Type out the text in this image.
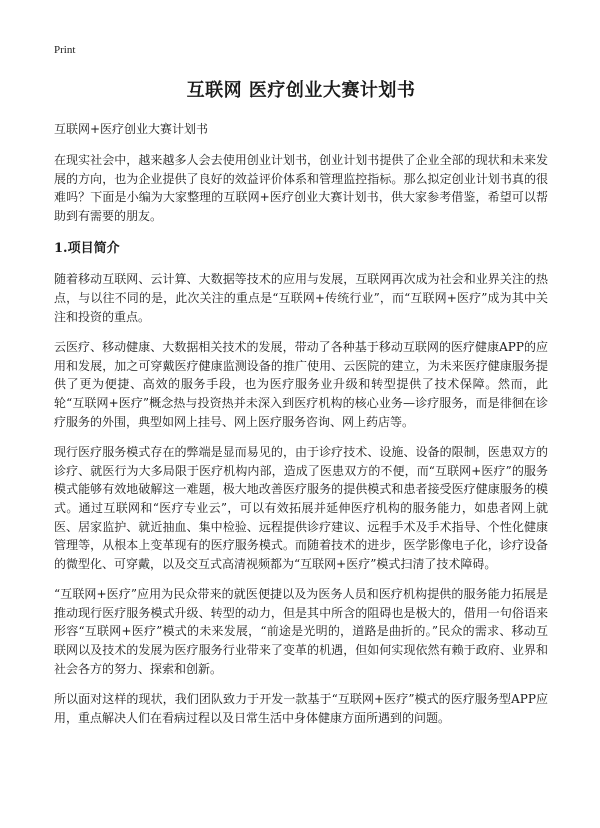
Print
互联网 医疗创业大赛计划书

互联网+医疗创业大赛计划书

在现实社会中，越来越多人会去使用创业计划书，创业计划书提供了企业全部的现状和未来发展的方向，也为企业提供了良好的效益评价体系和管理监控指标。那么拟定创业计划书真的很难吗？下面是小编为大家整理的互联网+医疗创业大赛计划书，供大家参考借鉴，希望可以帮助到有需要的朋友。

1.项目简介

随着移动互联网、云计算、大数据等技术的应用与发展，互联网再次成为社会和业界关注的热点，与以往不同的是，此次关注的重点是“互联网+传统行业”，而“互联网+医疗”成为其中关注和投资的重点。

云医疗、移动健康、大数据相关技术的发展，带动了各种基于移动互联网的医疗健康APP的应用和发展，加之可穿戴医疗健康监测设备的推广使用、云医院的建立，为未来医疗健康服务提供了更为便捷、高效的服务手段，也为医疗服务业升级和转型提供了技术保障。然而，此轮“互联网+医疗”概念热与投资热并未深入到医疗机构的核心业务—诊疗服务，而是徘徊在诊疗服务的外围，典型如网上挂号、网上医疗服务咨询、网上药店等。

现行医疗服务模式存在的弊端是显而易见的，由于诊疗技术、设施、设备的限制，医患双方的诊疗、就医行为大多局限于医疗机构内部，造成了医患双方的不便，而“互联网+医疗”的服务模式能够有效地破解这一难题，极大地改善医疗服务的提供模式和患者接受医疗健康服务的模式。通过互联网和“医疗专业云”，可以有效拓展并延伸医疗机构的服务能力，如患者网上就医、居家监护、就近抽血、集中检验、远程提供诊疗建议、远程手术及手术指导、个性化健康管理等，从根本上变革现有的医疗服务模式。而随着技术的进步，医学影像电子化，诊疗设备的微型化、可穿戴，以及交互式高清视频都为“互联网+医疗”模式扫清了技术障碍。

“互联网+医疗”应用为民众带来的就医便捷以及为医务人员和医疗机构提供的服务能力拓展是推动现行医疗服务模式升级、转型的动力，但是其中所含的阻碍也是极大的，借用一句俗语来形容“互联网+医疗”模式的未来发展，“前途是光明的，道路是曲折的。”民众的需求、移动互联网以及技术的发展为医疗服务行业带来了变革的机遇，但如何实现依然有赖于政府、业界和社会各方的努力、探索和创新。

所以面对这样的现状，我们团队致力于开发一款基于“互联网+医疗”模式的医疗服务型APP应用，重点解决人们在看病过程以及日常生活中身体健康方面所遇到的问题。
